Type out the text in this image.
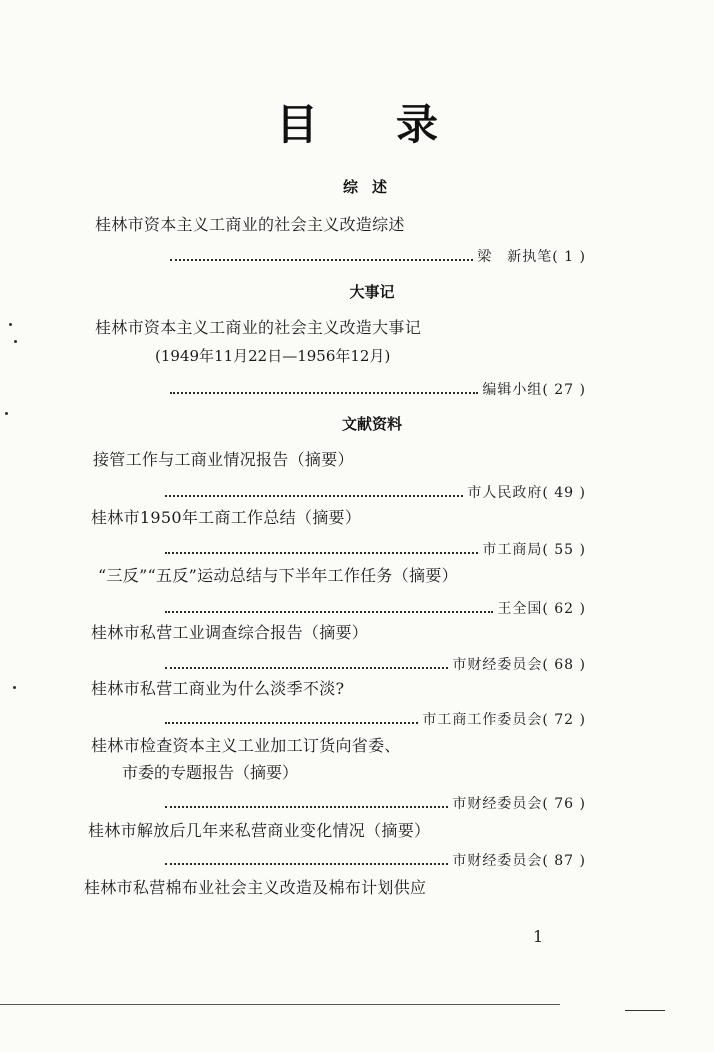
目 录
综述
桂林市资本主义工商业的社会主义改造综述
梁　新执笔 ( 1 )
大事记
桂林市资本主义工商业的社会主义改造大事记
(1949年11月22日—1956年12月)
编辑小组 ( 27 )
文献资料
接管工作与工商业情况报告（摘要）
市人民政府 ( 49 )
桂林市1950年工商工作总结（摘要）
市工商局 ( 55 )
“三反”“五反”运动总结与下半年工作任务（摘要）
王全国 ( 62 )
桂林市私营工业调查综合报告（摘要）
市财经委员会 ( 68 )
桂林市私营工商业为什么淡季不淡?
市工商工作委员会 ( 72 )
桂林市检查资本主义工业加工订货向省委、
市委的专题报告（摘要）
市财经委员会 ( 76 )
桂林市解放后几年来私营商业变化情况（摘要）
市财经委员会 ( 87 )
桂林市私营棉布业社会主义改造及棉布计划供应
1
